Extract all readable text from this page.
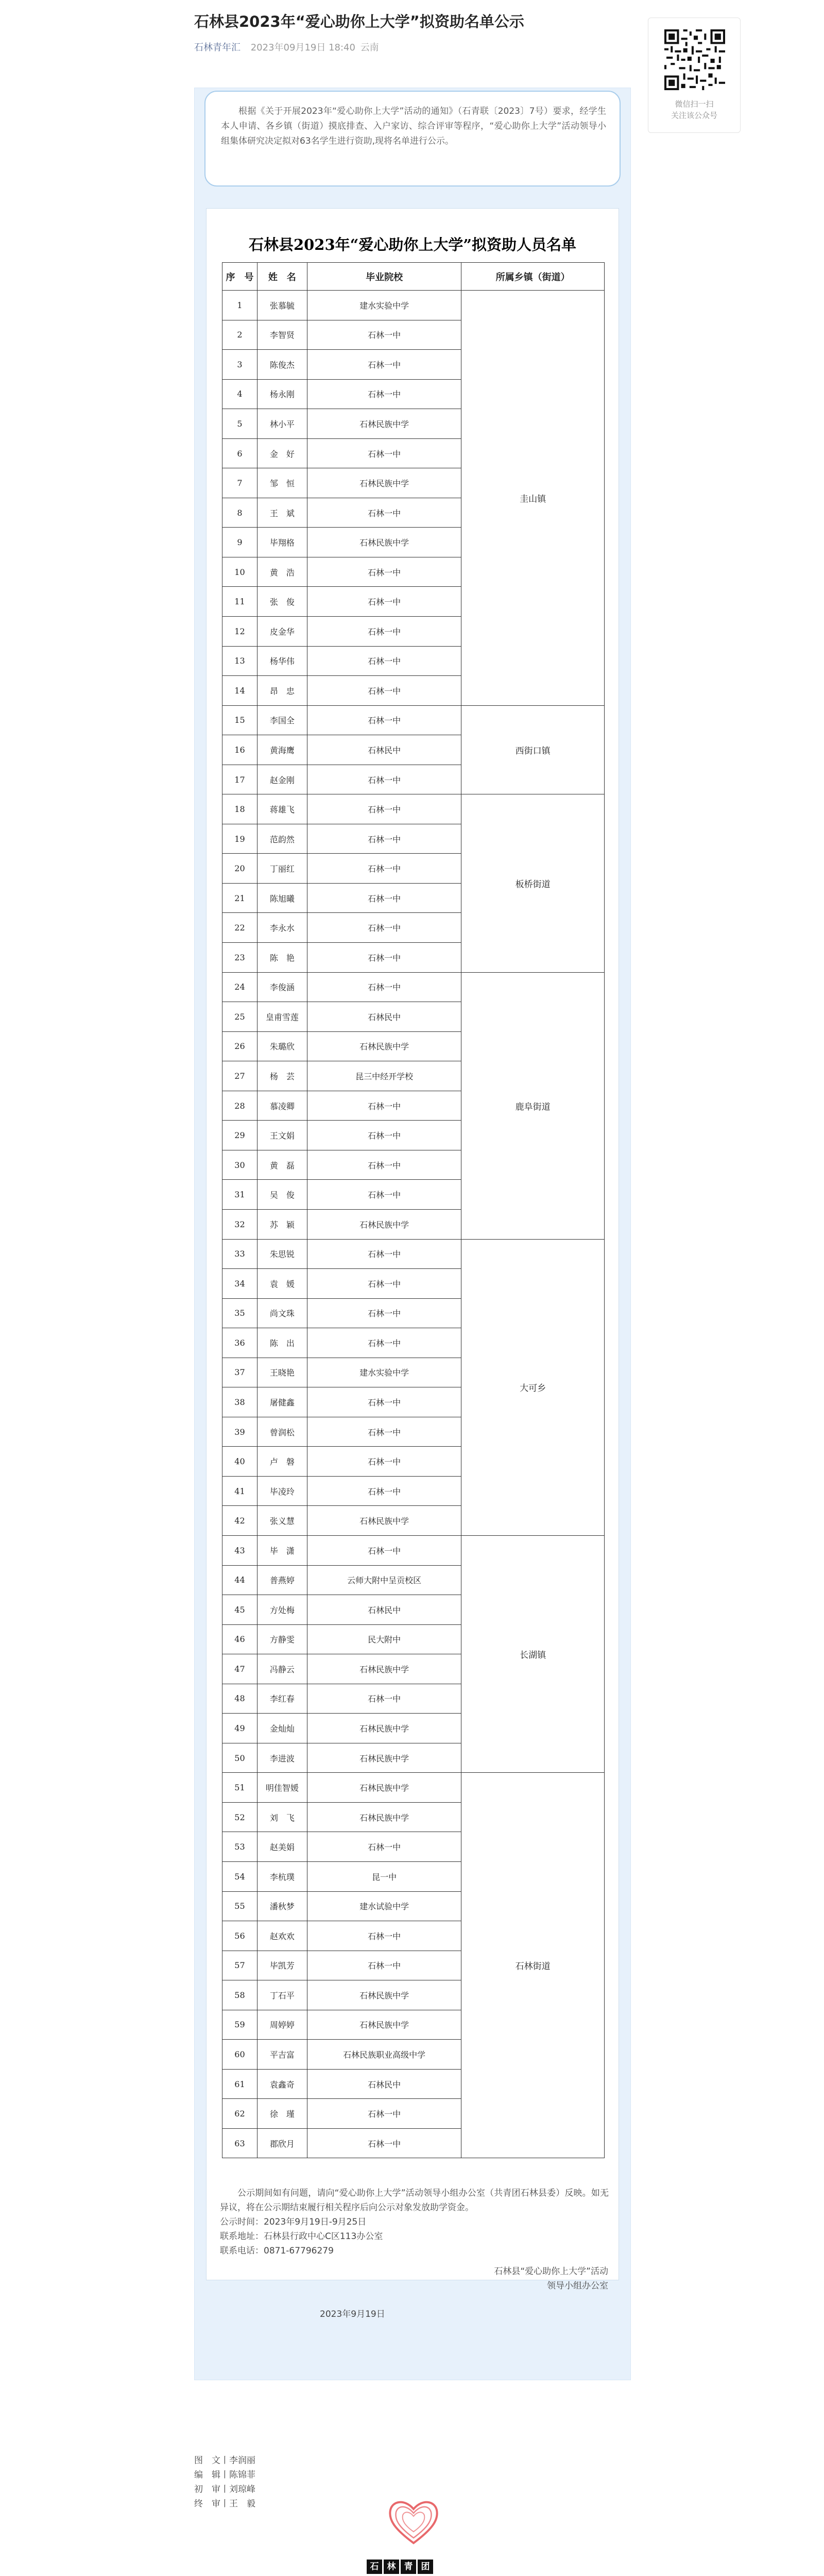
石林县2023年“爱心助你上大学”拟资助名单公示
石林青年汇 2023年09月19日 18:40 云南
微信扫一扫
关注该公众号

根据《关于开展2023年“爱心助你上大学”活动的通知》（石青联〔2023〕7号）要求，经学生本人申请、各乡镇（街道）摸底排查、入户家访、综合评审等程序，“爱心助你上大学”活动领导小组集体研究决定拟对63名学生进行资助,现将名单进行公示。

石林县2023年“爱心助你上大学”拟资助人员名单
序　号	姓　名	毕业院校	所属乡镇（街道）
1	张慕毓	建水实验中学	圭山镇
2	李智贤	石林一中	
3	陈俊杰	石林一中	
4	杨永刚	石林一中	
5	林小平	石林民族中学	
6	金　好	石林一中	
7	邹　恒	石林民族中学	
8	王　斌	石林一中	
9	毕翔格	石林民族中学	
10	黄　浩	石林一中	
11	张　俊	石林一中	
12	皮金华	石林一中	
13	杨华伟	石林一中	
14	昂　忠	石林一中	
15	李国全	石林一中	西街口镇
16	黄海鹰	石林民中	
17	赵金刚	石林一中	
18	蒋雄飞	石林一中	板桥街道
19	范韵然	石林一中	
20	丁丽红	石林一中	
21	陈旭曦	石林一中	
22	李永水	石林一中	
23	陈　艳	石林一中	
24	李俊涵	石林一中	鹿阜街道
25	皇甫雪莲	石林民中	
26	朱璐欣	石林民族中学	
27	杨　芸	昆三中经开学校	
28	慕凌卿	石林一中	
29	王文娟	石林一中	
30	黄　磊	石林一中	
31	吴　俊	石林一中	
32	苏　颖	石林民族中学	
33	朱思锐	石林一中	大可乡
34	袁　媛	石林一中	
35	尚文珠	石林一中	
36	陈　出	石林一中	
37	王晓艳	建水实验中学	
38	屠健鑫	石林一中	
39	曾润松	石林一中	
40	卢　磐	石林一中	
41	毕凌玲	石林一中	
42	张义慧	石林民族中学	
43	毕　潇	石林一中	长湖镇
44	普燕婷	云师大附中呈贡校区	
45	方处梅	石林民中	
46	方静雯	民大附中	
47	冯静云	石林民族中学	
48	李红春	石林一中	
49	金灿灿	石林民族中学	
50	李进波	石林民族中学	
51	明佳智媛	石林民族中学	石林街道
52	刘　飞	石林民族中学	
53	赵美娟	石林一中	
54	李杭璞	昆一中	
55	潘秋梦	建水试验中学	
56	赵欢欢	石林一中	
57	毕凯芳	石林一中	
58	丁石平	石林民族中学	
59	周婷婷	石林民族中学	
60	平吉富	石林民族职业高级中学	
61	袁鑫奇	石林民中	
62	徐　瑾	石林一中	
63	郡欣月	石林一中	
公示期间如有问题，请向“爱心助你上大学”活动领导小组办公室（共青团石林县委）反映。如无异议，将在公示期结束履行相关程序后向公示对象发放助学资金。
公示时间：2023年9月19日-9月25日
联系地址：石林县行政中心C区113办公室
联系电话：0871-67796279
石林县“爱心助你上大学”活动
领导小组办公室
2023年9月19日
图　文丨李润丽
编　辑丨陈锦菲
初　审丨刘琼峰
终　审丨王　毅
石 林 青 团
